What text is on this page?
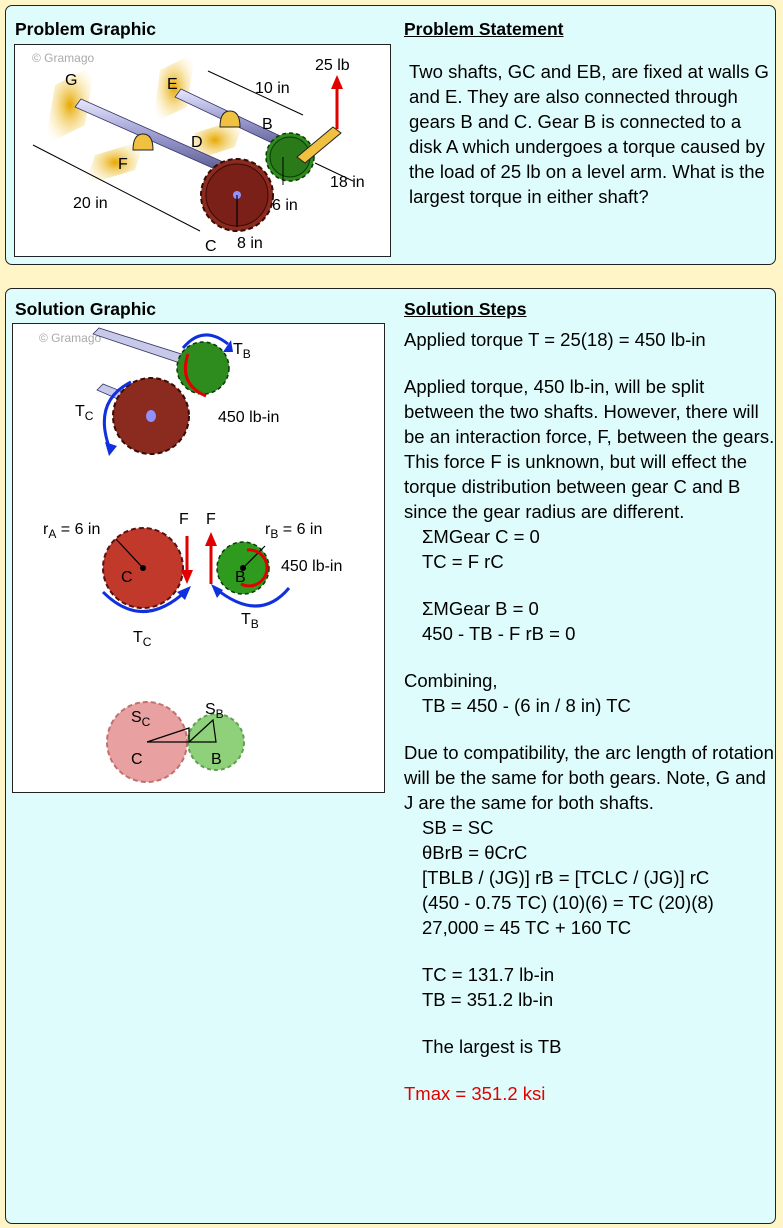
Problem Graphic	Problem Statement
© Gramago
G	E
D
F
B
C
25 lb
10 in
20 in
18 in
6 in
8 in
Two shafts, GC and EB, are fixed at walls G and E. They are also connected through gears B and C. Gear B is connected to a disk A which undergoes a torque caused by the load of 25 lb on a level arm. What is the largest torque in either shaft?
Solution Graphic	Solution Steps
© Gramago
$T_B$
$T_C$	450 lb-in
$r_A = 6$ in	$r_B = 6$ in
F F
C	B
450 lb-in
$T_C$
$T_B$
$S_C$
$S_B$
C	B

Applied torque T = 25(18) = 450 lb-in

Applied torque, 450 lb-in, will be split between the two shafts. However, there will be an interaction force, F, between the gears. This force F is unknown, but will effect the torque distribution between gear C and B since the gear radius are different.

ΣMGear C = 0

TC = F rC

ΣMGear B = 0

450 - TB - F rB = 0

Combining,

TB = 450 - (6 in / 8 in) TC

Due to compatibility, the arc length of rotation will be the same for both gears. Note, G and J are the same for both shafts.

SB = SC

θBrB = θCrC

[TBLB / (JG)] rB = [TCLC / (JG)] rC

(450 - 0.75 TC) (10)(6) = TC (20)(8)

27,000 = 45 TC + 160 TC

TC = 131.7 lb-in

TB = 351.2 lb-in

The largest is TB

Tmax = 351.2 ksi
